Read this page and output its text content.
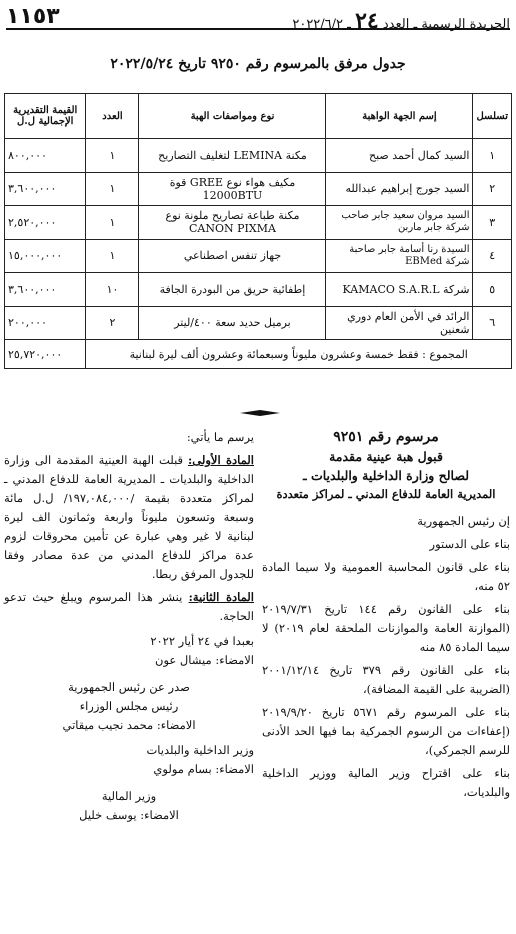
١١٥٣	الجريدة الرسمية ـ العدد ٢٤ ـ ٢٠٢٢/٦/٢
جدول مرفق بالمرسوم رقم ٩٢٥٠ تاريخ ٢٠٢٢/٥/٢٤
تسلسل	إسم الجهة الواهبة	نوع ومواصفات الهبة	العدد	القيمة التقديرية الإجمالية ل.ل
١	السيد كمال أحمد صبح	مكنة LEMINA لتغليف التصاريح	١	٨٠٠,٠٠٠
٢	السيد جورج إبراهيم عبدالله	مكيف هواء نوع GREE قوة 12000BTU	١	٣,٦٠٠,٠٠٠
٣	السيد مروان سعيد جابر صاحب شركة جابر ماربن	مكنة طباعة تصاريح ملونة نوع CANON PIXMA	١	٢,٥٢٠,٠٠٠
٤	السيدة رنا أسامة جابر صاحبة شركة EBMed	جهاز تنفس اصطناعي	١	١٥,٠٠٠,٠٠٠
٥	شركة KAMACO S.A.R.L	إطفائية حريق من البودرة الجافة	١٠	٣,٦٠٠,٠٠٠
٦	الرائد في الأمن العام دوري شعنين	برميل حديد سعة ٤٠٠/ليتر	٢	٢٠٠,٠٠٠
المجموع : فقط خمسة وعشرون مليوناً وسبعمائة وعشرون ألف ليرة لبنانية				٢٥,٧٢٠,٠٠٠

مرسوم رقم ٩٢٥١

قبول هبة عينية مقدمة

لصالح وزارة الداخلية والبلديات ـ

المديرية العامة للدفاع المدني ـ لمراكز متعددة

إن رئيس الجمهورية

بناء على الدستور

بناء على قانون المحاسبة العمومية ولا سيما المادة ٥٢ منه،

بناء على القانون رقم ١٤٤ تاريخ ٢٠١٩/٧/٣١ (الموازنة العامة والموازنات الملحقة لعام ٢٠١٩) لا سيما المادة ٨٥ منه

بناء على القانون رقم ٣٧٩ تاريخ ٢٠٠١/١٢/١٤ (الضريبة على القيمة المضافة)،

بناء على المرسوم رقم ٥٦٧١ تاريخ ٢٠١٩/٩/٢٠ (إعفاءات من الرسوم الجمركية بما فيها الحد الأدنى للرسم الجمركي)،

بناء على اقتراح وزير المالية ووزير الداخلية والبلديات،

يرسم ما يأتي:

المادة الأولى: قبلت الهبة العينية المقدمة الى وزارة الداخلية والبلديات ـ المديرية العامة للدفاع المدني ـ لمراكز متعددة بقيمة /١٩٧,٠٨٤,٠٠٠/ ل.ل مائة وسبعة وتسعون مليوناً واربعة وثمانون الف ليرة لبنانية لا غير وهي عبارة عن تأمين محروقات لزوم عدة مراكز للدفاع المدني من عدة مصادر وفقا للجدول المرفق ربطا.

المادة الثانية: ينشر هذا المرسوم ويبلغ حيث تدعو الحاجة.

بعبدا في ٢٤ أيار ٢٠٢٢

الامضاء: ميشال عون

صدر عن رئيس الجمهورية

رئيس مجلس الوزراء

الامضاء: محمد نجيب ميقاتي

وزير الداخلية والبلديات

الامضاء: بسام مولوي

وزير المالية

الامضاء: يوسف خليل
